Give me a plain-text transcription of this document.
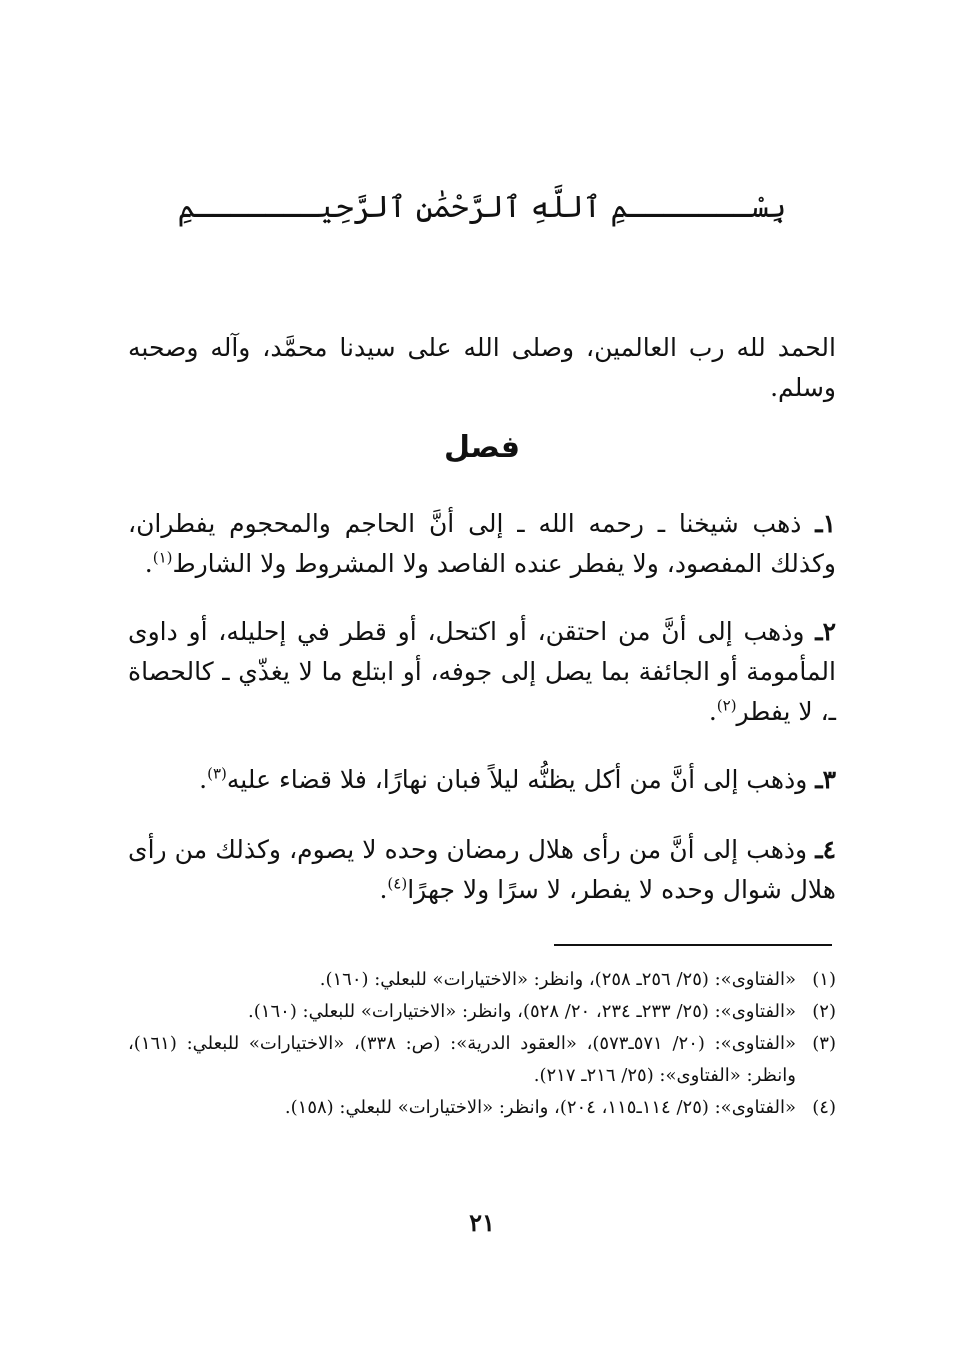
بِسْـــــــمِ ٱللَّهِ ٱلرَّحْمَٰنِ ٱلرَّحِيـــــــمِ
الحمد لله رب العالمين، وصلى الله على سيدنا محمَّد، وآله وصحبه وسلم.
فصل
١ـ ذهب شيخنا ـ رحمه الله ـ إلى أنَّ الحاجم والمحجوم يفطران، وكذلك المفصود، ولا يفطر عنده الفاصد ولا المشروط ولا الشارط$^{(١)}$.
٢ـ وذهب إلى أنَّ من احتقن، أو اكتحل، أو قطر في إحليله، أو داوى المأمومة أو الجائفة بما يصل إلى جوفه، أو ابتلع ما لا يغذّي ـ كالحصاة ـ، لا يفطر$^{(٢)}$.
٣ـ وذهب إلى أنَّ من أكل يظنُّه ليلاً فبان نهارًا، فلا قضاء عليه$^{(٣)}$.
٤ـ وذهب إلى أنَّ من رأى هلال رمضان وحده لا يصوم، وكذلك من رأى هلال شوال وحده لا يفطر، لا سرًا ولا جهرًا$^{(٤)}$.
(١)
«الفتاوى»: (٢٥/ ٢٥٦ـ ٢٥٨)، وانظر: «الاختيارات» للبعلي: (١٦٠).
(٢)
«الفتاوى»: (٢٥/ ٢٣٣ـ ٢٣٤، ٢٠/ ٥٢٨)، وانظر: «الاختيارات» للبعلي: (١٦٠).
(٣)
«الفتاوى»: (٢٠/ ٥٧١ـ٥٧٣)، «العقود الدرية»: (ص: ٣٣٨)، «الاختيارات» للبعلي: (١٦١)، وانظر: «الفتاوى»: (٢٥/ ٢١٦ـ ٢١٧).
(٤)
«الفتاوى»: (٢٥/ ١١٤ـ١١٥، ٢٠٤)، وانظر: «الاختيارات» للبعلي: (١٥٨).
٢١
